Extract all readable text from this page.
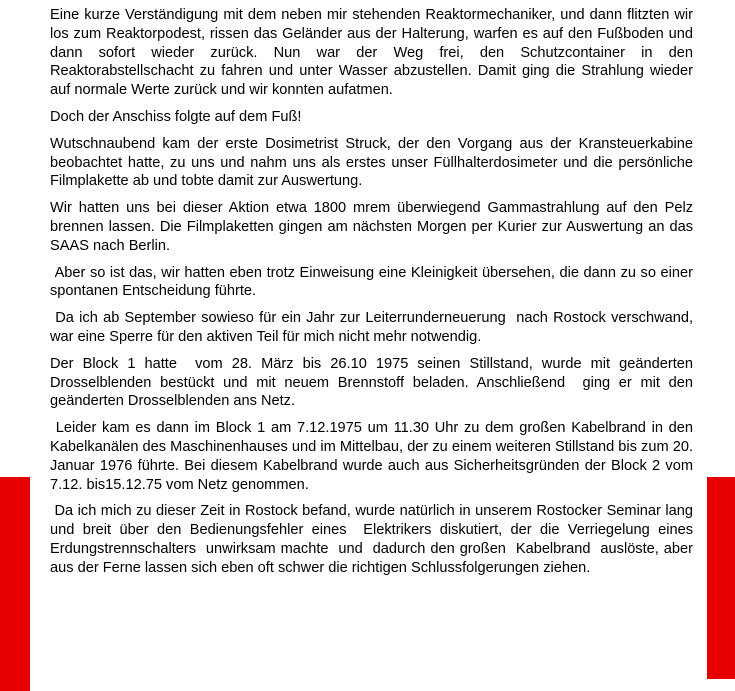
Eine kurze Verständigung mit dem neben mir stehenden Reaktormechaniker, und dann flitzten wir los zum Reaktorpodest, rissen das Geländer aus der Halterung, warfen es auf den Fußboden und dann sofort wieder zurück. Nun war der Weg frei, den Schutzcontainer in den Reaktorabstellschacht zu fahren und unter Wasser abzustellen. Damit ging die Strahlung wieder auf normale Werte zurück und wir konnten aufatmen.

Doch der Anschiss folgte auf dem Fuß!

Wutschnaubend kam der erste Dosimetrist Struck, der den Vorgang aus der Kransteuerkabine beobachtet hatte, zu uns und nahm uns als erstes unser Füllhalterdosimeter und die persönliche Filmplakette ab und tobte damit zur Auswertung.

Wir hatten uns bei dieser Aktion etwa 1800 mrem überwiegend Gammastrahlung auf den Pelz brennen lassen. Die Filmplaketten gingen am nächsten Morgen per Kurier zur Auswertung an das SAAS nach Berlin.

Aber so ist das, wir hatten eben trotz Einweisung eine Kleinigkeit übersehen, die dann zu so einer spontanen Entscheidung führte.

Da ich ab September sowieso für ein Jahr zur Leiterrunderneuerung  nach Rostock verschwand, war eine Sperre für den aktiven Teil für mich nicht mehr notwendig.

Der Block 1 hatte  vom 28. März bis 26.10 1975 seinen Stillstand, wurde mit geänderten Drosselblenden bestückt und mit neuem Brennstoff beladen. Anschließend  ging er mit den geänderten Drosselblenden ans Netz.

Leider kam es dann im Block 1 am 7.12.1975 um 11.30 Uhr zu dem großen Kabelbrand in den Kabelkanälen des Maschinenhauses und im Mittelbau, der zu einem weiteren Stillstand bis zum 20. Januar 1976 führte. Bei diesem Kabelbrand wurde auch aus Sicherheitsgründen der Block 2 vom 7.12. bis15.12.75 vom Netz genommen.

Da ich mich zu dieser Zeit in Rostock befand, wurde natürlich in unserem Rostocker Seminar lang und breit über den Bedienungsfehler eines  Elektrikers diskutiert, der die Verriegelung eines Erdungstrennschalters  unwirksam machte  und  dadurch den großen  Kabelbrand  auslöste, aber aus der Ferne lassen sich eben oft schwer die richtigen Schlussfolgerungen ziehen.
